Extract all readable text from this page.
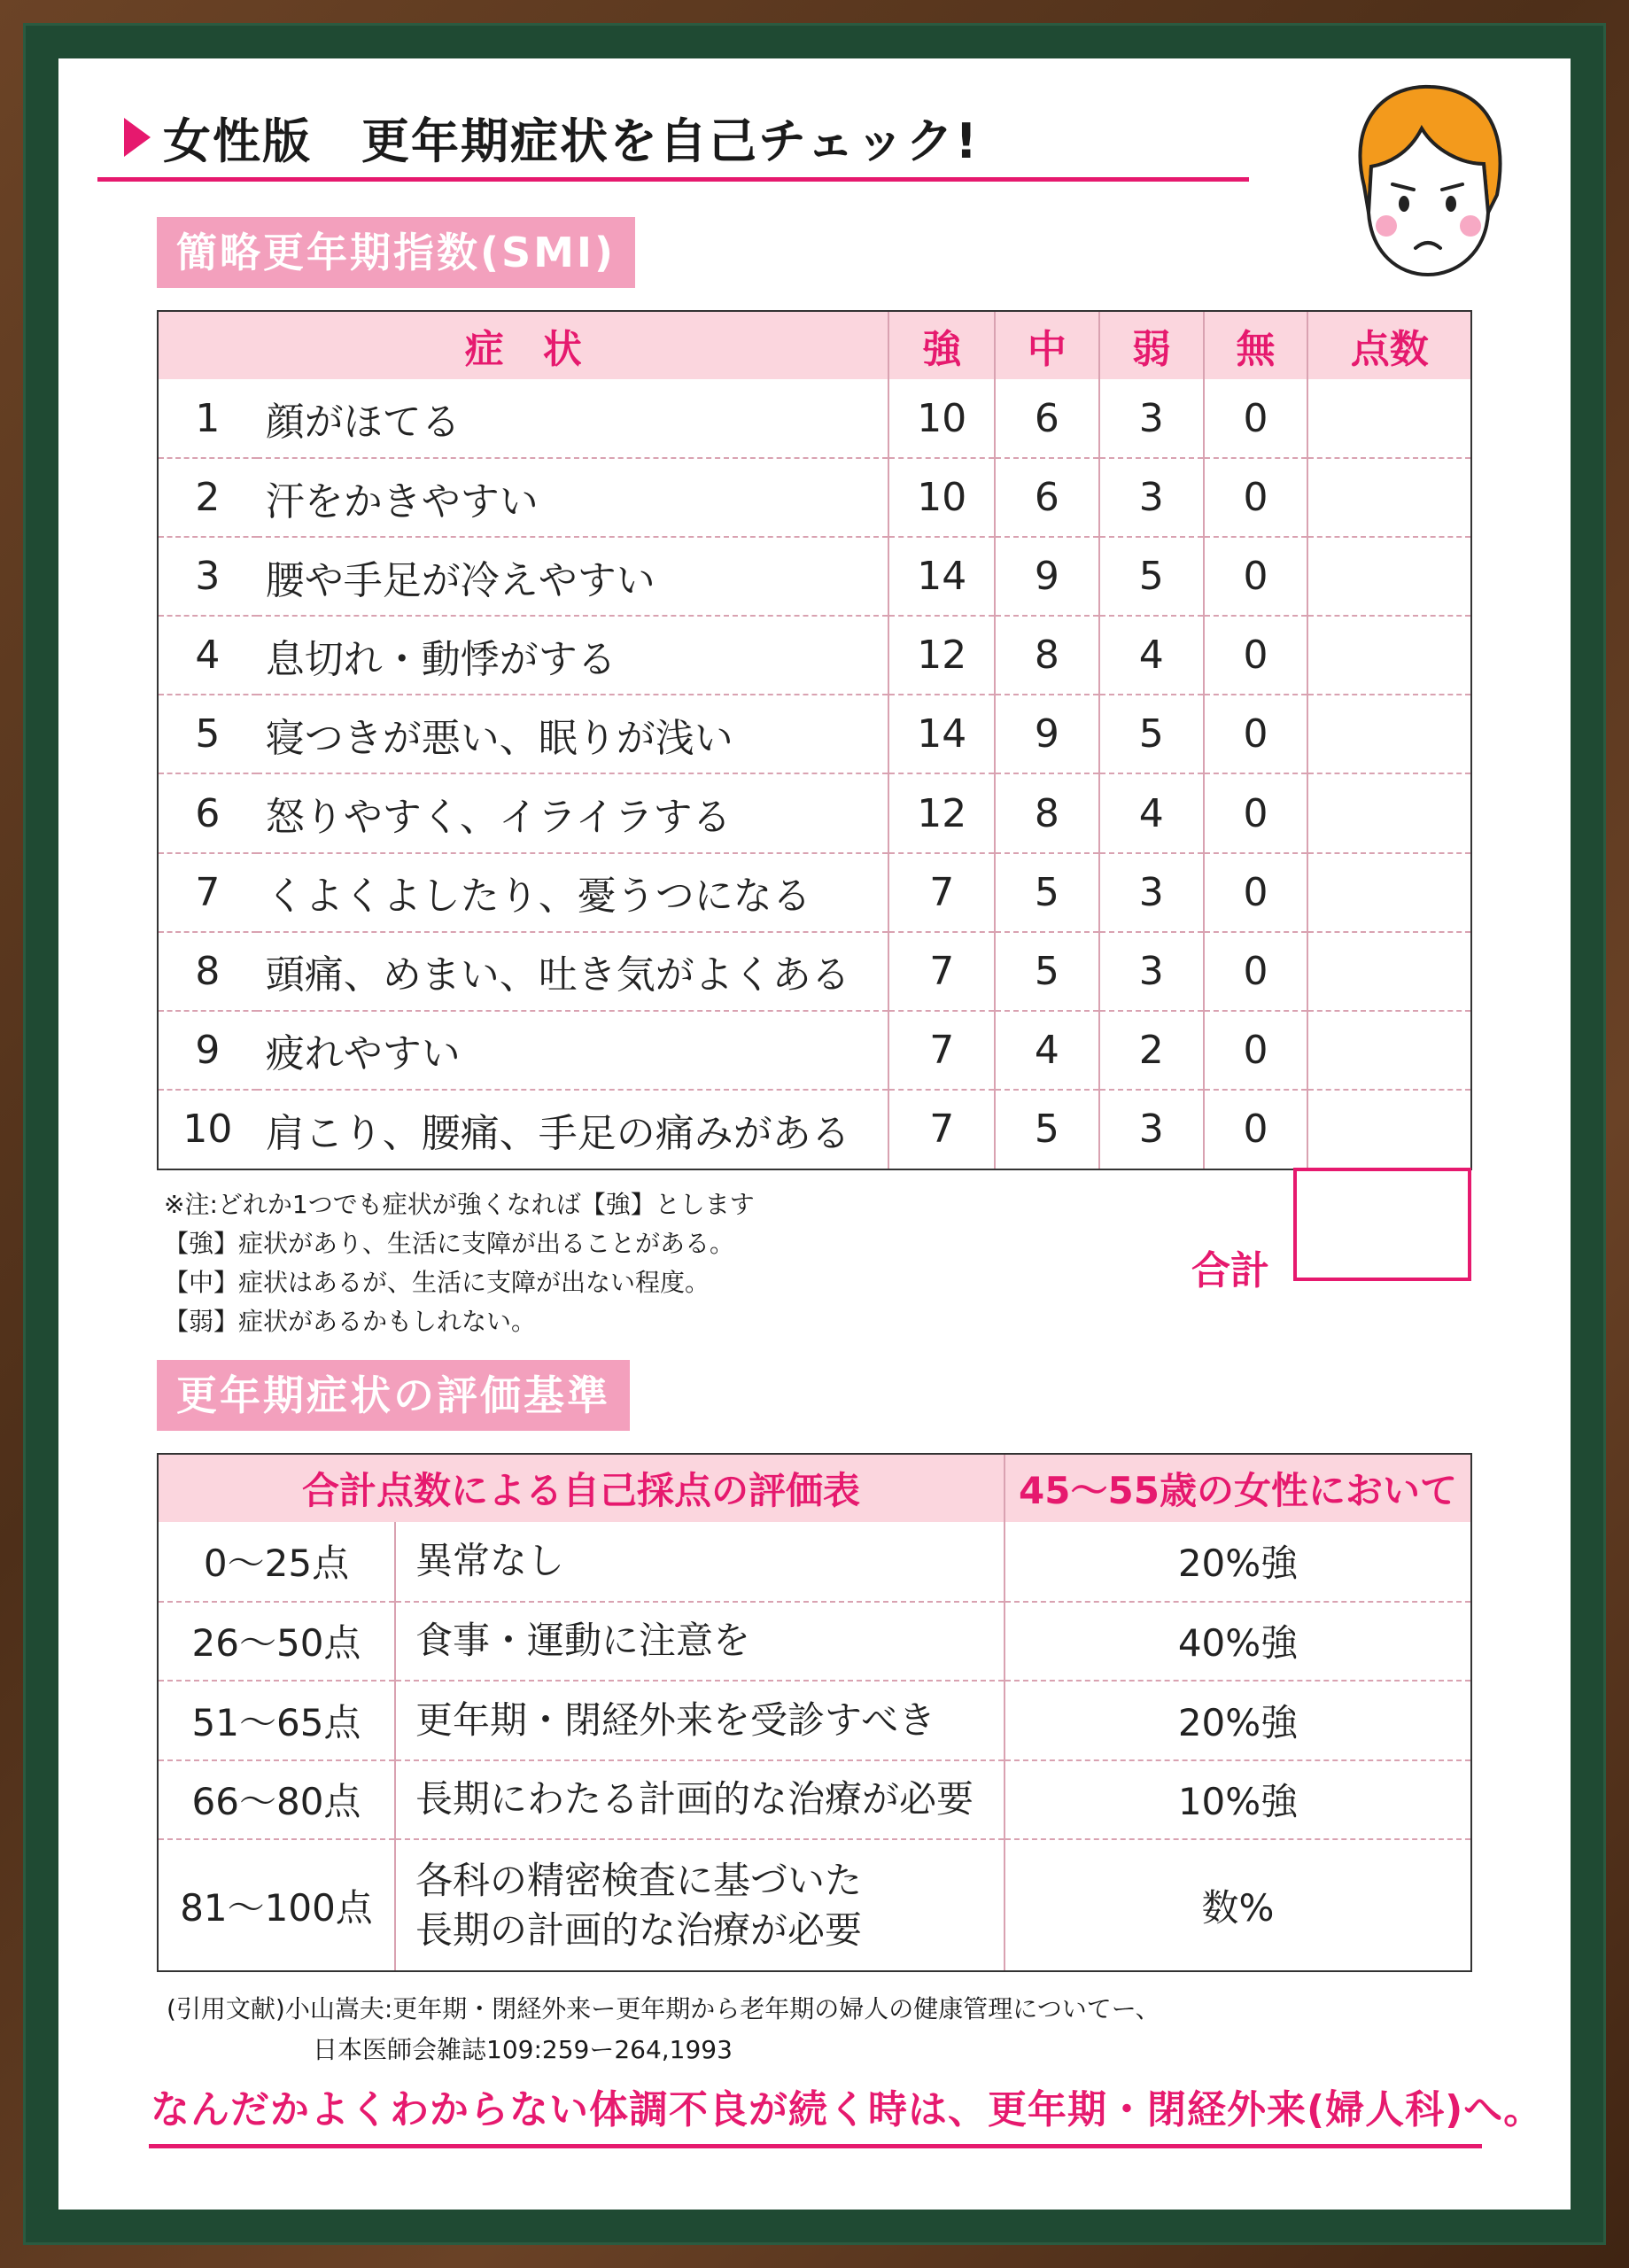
女性版　更年期症状を自己チェック!
簡略更年期指数(SMI)
症　状		強	中	弱	無	点数
1	顔がほてる	10	6	3	0	
2	汗をかきやすい	10	6	3	0	
3	腰や手足が冷えやすい	14	9	5	0	
4	息切れ・動悸がする	12	8	4	0	
5	寝つきが悪い、眠りが浅い	14	9	5	0	
6	怒りやすく、イライラする	12	8	4	0	
7	くよくよしたり、憂うつになる	7	5	3	0	
8	頭痛、めまい、吐き気がよくある	7	5	3	0	
9	疲れやすい	7	4	2	0	
10	肩こり、腰痛、手足の痛みがある	7	5	3	0	
※注:どれか1つでも症状が強くなれば【強】とします
【強】症状があり、生活に支障が出ることがある。
【中】症状はあるが、生活に支障が出ない程度。
【弱】症状があるかもしれない。
合計
更年期症状の評価基準
合計点数による自己採点の評価表		45〜55歳の女性において
0〜25点	異常なし	20%強
26〜50点	食事・運動に注意を	40%強
51〜65点	更年期・閉経外来を受診すべき	20%強
66〜80点	長期にわたる計画的な治療が必要	10%強
81〜100点	各科の精密検査に基づいた
長期の計画的な治療が必要	数%
(引用文献)小山嵩夫:更年期・閉経外来ー更年期から老年期の婦人の健康管理についてー、
日本医師会雑誌109:259ー264,1993
なんだかよくわからない体調不良が続く時は、更年期・閉経外来(婦人科)へ。
